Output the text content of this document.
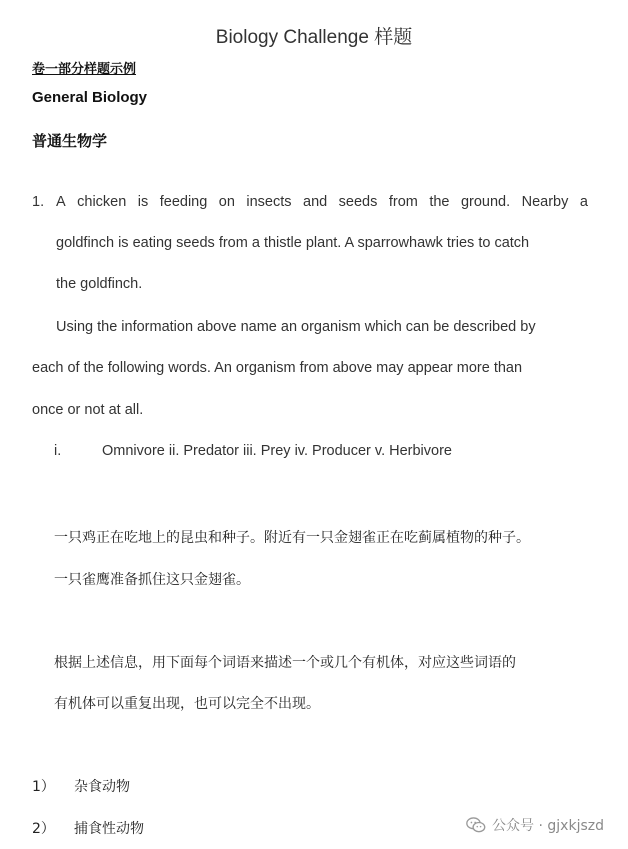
Biology Challenge 样题
卷一部分样题示例
General Biology
普通生物学
1. A chicken is feeding on insects and seeds from the ground. Nearby a
goldfinch is eating seeds from a thistle plant. A sparrowhawk tries to catch
the goldfinch.
Using the information above name an organism which can be described by
each of the following words. An organism from above may appear more than
once or not at all.
i.	Omnivore ii. Predator iii. Prey iv. Producer v. Herbivore
一只鸡正在吃地上的昆虫和种子。附近有一只金翅雀正在吃蓟属植物的种子。
一只雀鹰准备抓住这只金翅雀。
根据上述信息，用下面每个词语来描述一个或几个有机体，对应这些词语的
有机体可以重复出现，也可以完全不出现。
1） 杂食动物
2） 捕食性动物	公众号 · gjxkjszd
